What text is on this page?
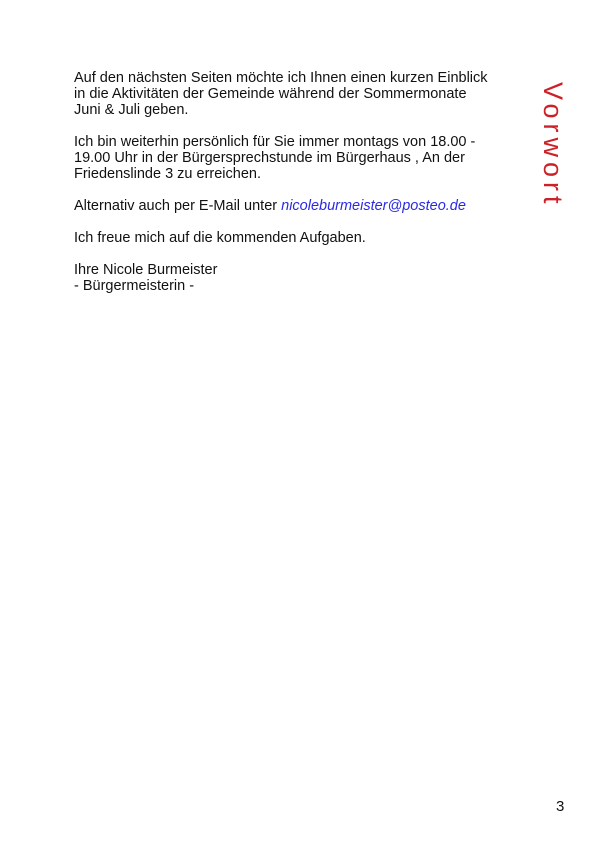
Auf den nächsten Seiten möchte ich Ihnen einen kurzen Einblick
in die Aktivitäten der Gemeinde während der Sommermonate
Juni & Juli geben.
Ich bin weiterhin persönlich für Sie immer montags von 18.00 -
19.00 Uhr in der Bürgersprechstunde im Bürgerhaus , An der
Friedenslinde 3 zu erreichen.
Alternativ auch per E-Mail unter nicoleburmeister@posteo.de
Ich freue mich auf die kommenden Aufgaben.
Ihre Nicole Burmeister
- Bürgermeisterin -
Vorwort
3
